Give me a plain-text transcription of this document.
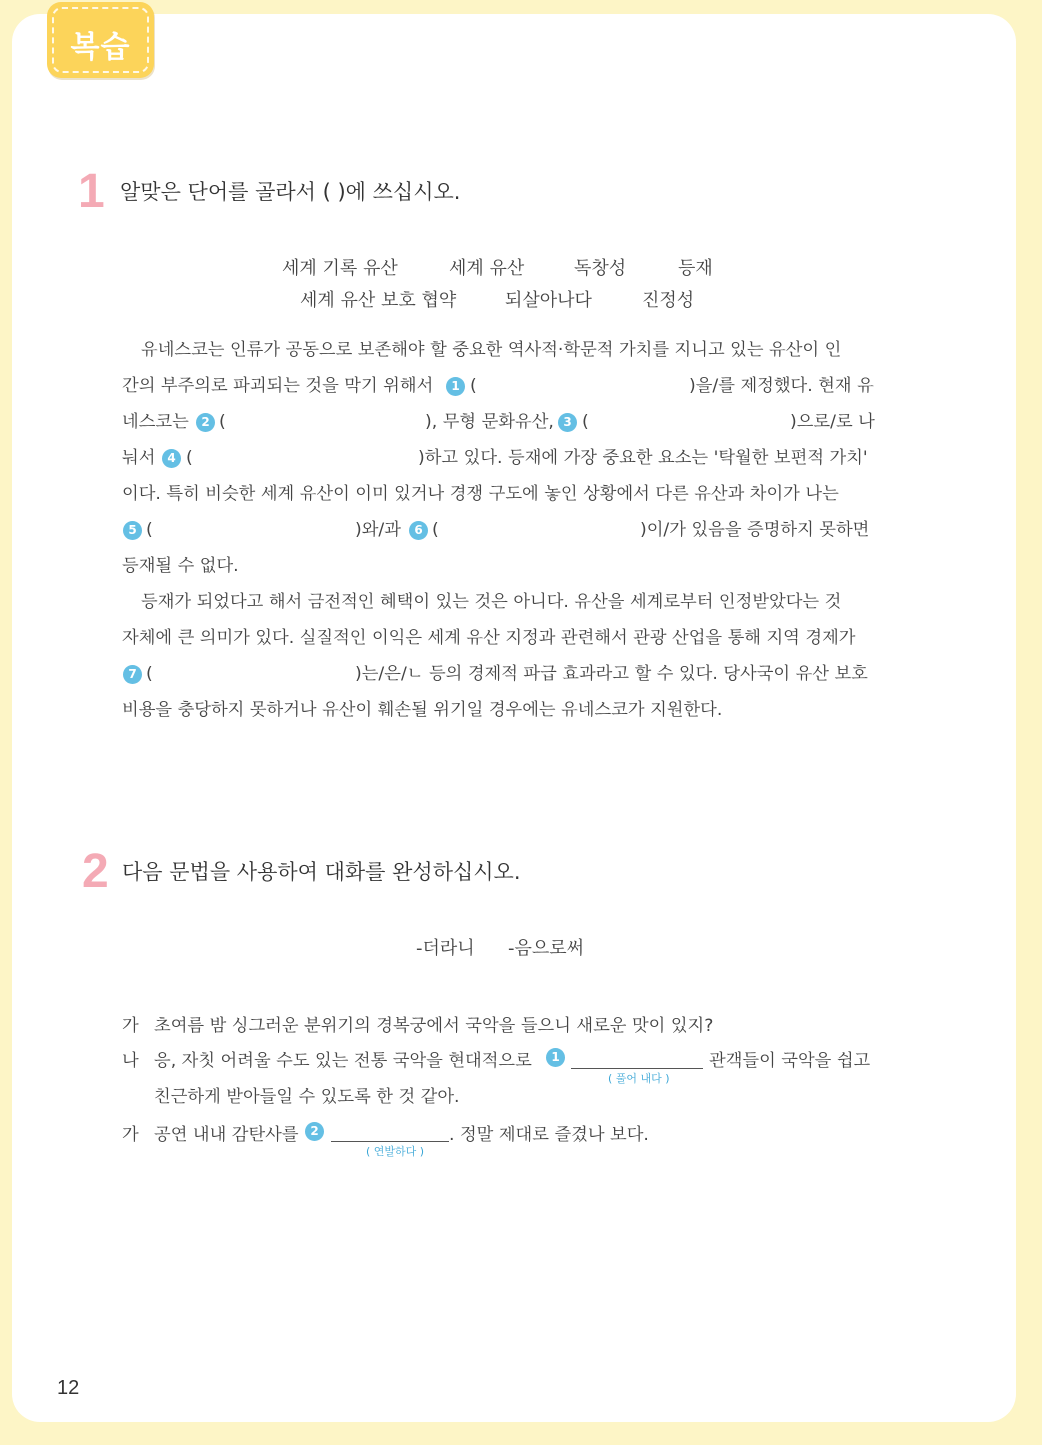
복습
1 알맞은 단어를 골라서 ( )에 쓰십시오.
세계 기록 유산	세계 유산	독창성	등재
세계 유산 보호 협약	되살아나다	진정성
유네스코는 인류가 공동으로 보존해야 할 중요한 역사적·학문적 가치를 지니고 있는 유산이 인
간의 부주의로 파괴되는 것을 막기 위해서	1 (	)을/를 제정했다. 현재 유
네스코는	2 (	), 무형 문화유산, 3 (	)으로/로 나
눠서 4 (	)하고 있다. 등재에 가장 중요한 요소는 '탁월한 보편적 가치'
이다. 특히 비슷한 세계 유산이 이미 있거나 경쟁 구도에 놓인 상황에서 다른 유산과 차이가 나는
5 (	)와/과	6 (	)이/가 있음을 증명하지 못하면
등재될 수 없다.
등재가 되었다고 해서 금전적인 혜택이 있는 것은 아니다. 유산을 세계로부터 인정받았다는 것
자체에 큰 의미가 있다. 실질적인 이익은 세계 유산 지정과 관련해서 관광 산업을 통해 지역 경제가
7 (	)는/은/ㄴ 등의 경제적 파급 효과라고 할 수 있다. 당사국이 유산 보호
비용을 충당하지 못하거나 유산이 훼손될 위기일 경우에는 유네스코가 지원한다.
2 다음 문법을 사용하여 대화를 완성하십시오.
-더라니 -음으로써
가 초여름 밤 싱그러운 분위기의 경복궁에서 국악을 들으니 새로운 맛이 있지?
나 응, 자칫 어려울 수도 있는 전통 국악을 현대적으로	1
( 풀어 내다 )
관객들이 국악을 쉽고
친근하게 받아들일 수 있도록 한 것 같아.
가 공연 내내 감탄사를 2
( 연발하다 )
. 정말 제대로 즐겼나 보다.
12
